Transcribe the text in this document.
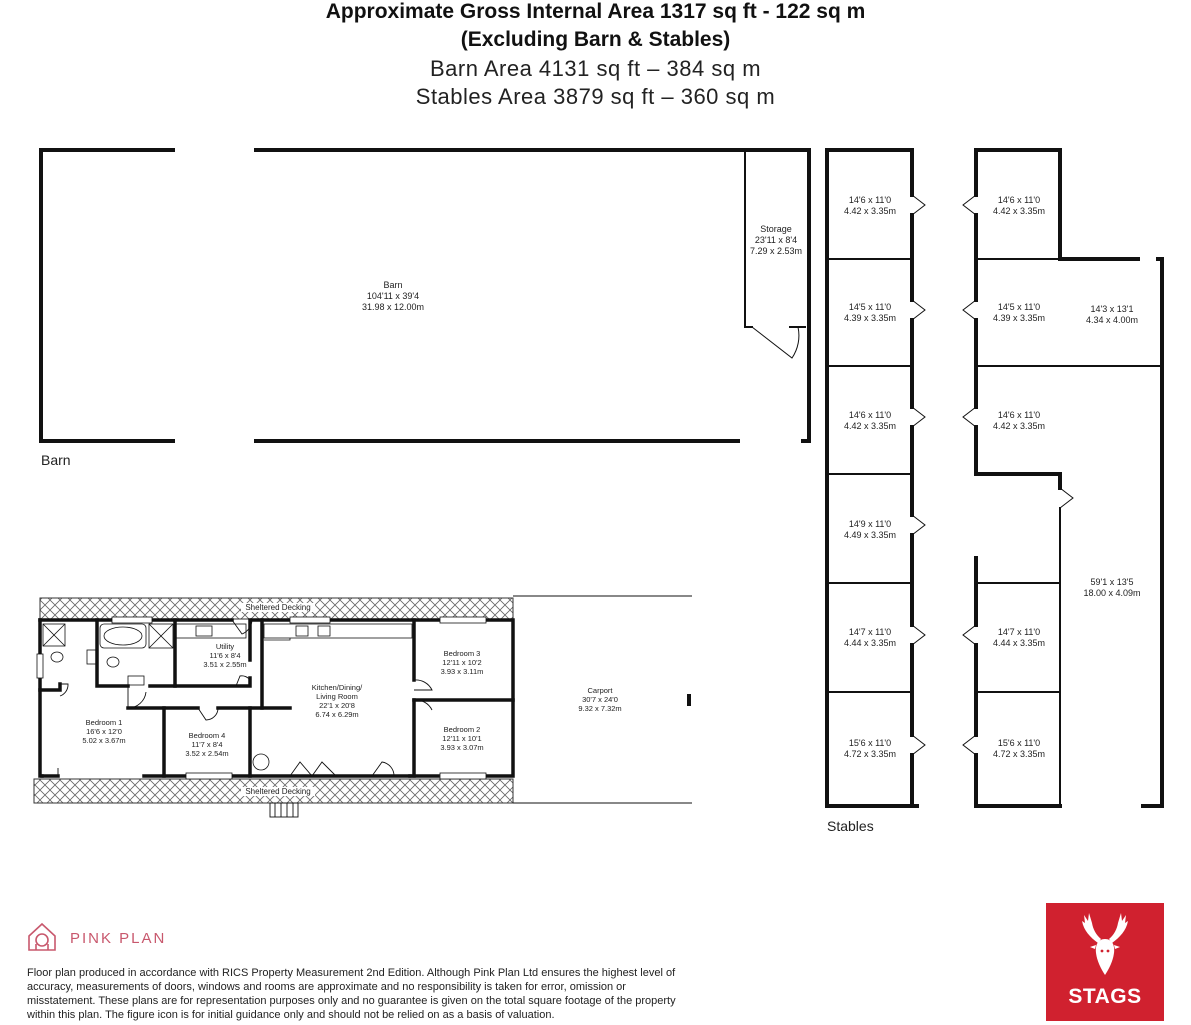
Approximate Gross Internal Area 1317 sq ft - 122 sq m
(Excluding Barn & Stables)
Barn Area 4131 sq ft – 384 sq m
Stables Area 3879 sq ft – 360 sq m
Barn
104'11 x 39'4
31.98 x 12.00m
Storage
23'11 x 8'4
7.29 x 2.53m
Barn
14'6 x 11'0
4.42 x 3.35m
14'5 x 11'0
4.39 x 3.35m
14'6 x 11'0
4.42 x 3.35m
14'9 x 11'0
4.49 x 3.35m
14'7 x 11'0
4.44 x 3.35m
15'6 x 11'0
4.72 x 3.35m
14'6 x 11'0
4.42 x 3.35m
14'5 x 11'0
4.39 x 3.35m
14'6 x 11'0
4.42 x 3.35m
14'7 x 11'0
4.44 x 3.35m
15'6 x 11'0
4.72 x 3.35m
14'3 x 13'1
4.34 x 4.00m
59'1 x 13'5
18.00 x 4.09m
Stables
Sheltered Decking
Sheltered Decking
Carport
30'7 x 24'0
9.32 x 7.32m
Utility
11'6 x 8'4
3.51 x 2.55m
Kitchen/Dining/
Living Room
22'1 x 20'8
6.74 x 6.29m
Bedroom 1
16'6 x 12'0
5.02 x 3.67m
Bedroom 4
11'7 x 8'4
3.52 x 2.54m
Bedroom 3
12'11 x 10'2
3.93 x 3.11m
Bedroom 2
12'11 x 10'1
3.93 x 3.07m
PINK PLAN
Floor plan produced in accordance with RICS Property Measurement 2nd Edition. Although Pink Plan Ltd ensures the highest level of accuracy, measurements of doors, windows and rooms are approximate and no responsibility is taken for error, omission or misstatement. These plans are for representation purposes only and no guarantee is given on the total square footage of the property within this plan. The figure icon is for initial guidance only and should not be relied on as a basis of valuation.
STAGS
